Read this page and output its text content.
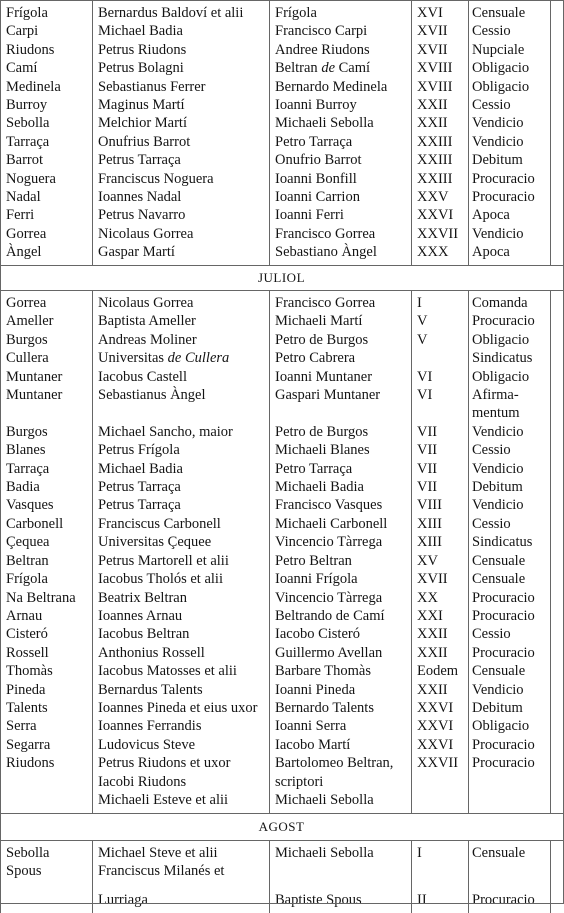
Frígola	Bernardus Baldoví et alii	Frígola	XVI	Censuale
Carpi	Michael Badia	Francisco Carpi	XVII	Cessio
Riudons	Petrus Riudons	Andree Riudons	XVII	Nupciale
Camí	Petrus Bolagni	Beltran de Camí	XVIII	Obligacio
Medinela	Sebastianus Ferrer	Bernardo Medinela	XVIII	Obligacio
Burroy	Maginus Martí	Ioanni Burroy	XXII	Cessio
Sebolla	Melchior Martí	Michaeli Sebolla	XXII	Vendicio
Tarraça	Onufrius Barrot	Petro Tarraça	XXIII	Vendicio
Barrot	Petrus Tarraça	Onufrio Barrot	XXIII	Debitum
Noguera	Franciscus Noguera	Ioanni Bonfill	XXIII	Procuracio
Nadal	Ioannes Nadal	Ioanni Carrion	XXV	Procuracio
Ferri	Petrus Navarro	Ioanni Ferri	XXVI	Apoca
Gorrea	Nicolaus Gorrea	Francisco Gorrea	XXVII	Vendicio
Àngel	Gaspar Martí	Sebastiano Àngel	XXX	Apoca
JULIOL
Gorrea	Nicolaus Gorrea	Francisco Gorrea	I	Comanda
Ameller	Baptista Ameller	Michaeli Martí	V	Procuracio
Burgos	Andreas Moliner	Petro de Burgos	V	Obligacio
Cullera	Universitas de Cullera	Petro Cabrera		Sindicatus
Muntaner	Iacobus Castell	Ioanni Muntaner	VI	Obligacio
Muntaner	Sebastianus Àngel	Gaspari Muntaner	VI	Afirma-
				mentum
Burgos	Michael Sancho, maior	Petro de Burgos	VII	Vendicio
Blanes	Petrus Frígola	Michaeli Blanes	VII	Cessio
Tarraça	Michael Badia	Petro Tarraça	VII	Vendicio
Badia	Petrus Tarraça	Michaeli Badia	VII	Debitum
Vasques	Petrus Tarraça	Francisco Vasques	VIII	Vendicio
Carbonell	Franciscus Carbonell	Michaeli Carbonell	XIII	Cessio
Çequea	Universitas Çequee	Vincencio Tàrrega	XIII	Sindicatus
Beltran	Petrus Martorell et alii	Petro Beltran	XV	Censuale
Frígola	Iacobus Tholós et alii	Ioanni Frígola	XVII	Censuale
Na Beltrana	Beatrix Beltran	Vincencio Tàrrega	XX	Procuracio
Arnau	Ioannes Arnau	Beltrando de Camí	XXI	Procuracio
Cisteró	Iacobus Beltran	Iacobo Cisteró	XXII	Cessio
Rossell	Anthonius Rossell	Guillermo Avellan	XXII	Procuracio
Thomàs	Iacobus Matosses et alii	Barbare Thomàs	Eodem	Censuale
Pineda	Bernardus Talents	Ioanni Pineda	XXII	Vendicio
Talents	Ioannes Pineda et eius uxor	Bernardo Talents	XXVI	Debitum
Serra	Ioannes Ferrandis	Ioanni Serra	XXVI	Obligacio
Segarra	Ludovicus Steve	Iacobo Martí	XXVI	Procuracio
Riudons	Petrus Riudons et uxor	Bartolomeo Beltran,	XXVII	Procuracio
	Iacobi Riudons	scriptori		
	Michaeli Esteve et alii	Michaeli Sebolla		
AGOST
Sebolla	Michael Steve et alii	Michaeli Sebolla	I	Censuale
Spous	Franciscus Milanés et			
	Lurriaga	Baptiste Spous	II	Procuracio
